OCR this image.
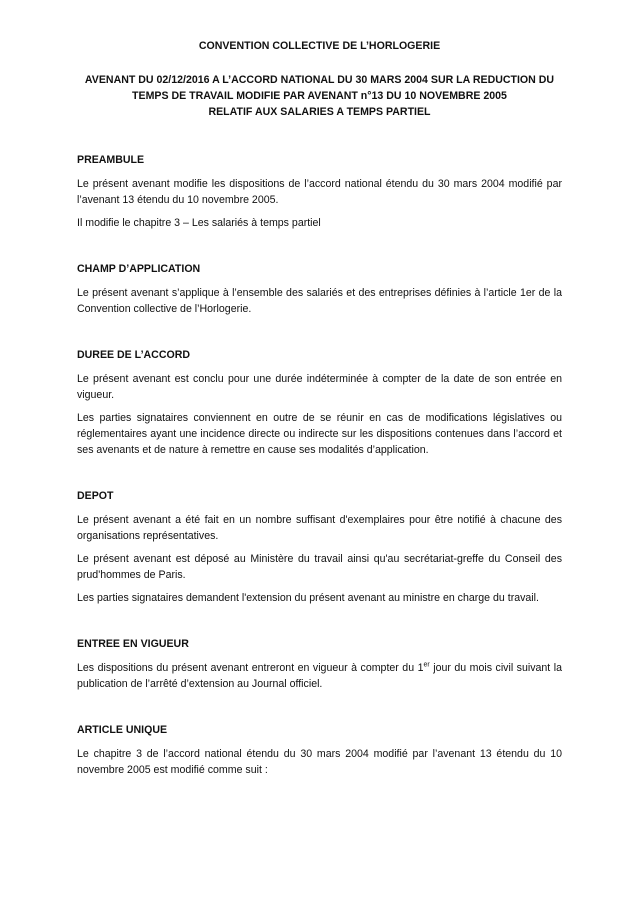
CONVENTION COLLECTIVE DE L’HORLOGERIE

AVENANT DU 02/12/2016 A L’ACCORD NATIONAL DU 30 MARS 2004 SUR LA REDUCTION DU

TEMPS DE TRAVAIL MODIFIE PAR AVENANT n°13 DU 10 NOVEMBRE 2005

RELATIF AUX SALARIES A TEMPS PARTIEL

PREAMBULE

Le présent avenant modifie les dispositions de l’accord national étendu du 30 mars 2004 modifié par l’avenant 13 étendu du 10 novembre 2005.

Il modifie le chapitre 3 – Les salariés à temps partiel

CHAMP D’APPLICATION

Le présent avenant s’applique à l’ensemble des salariés et des entreprises définies à l’article 1er de la Convention collective de l’Horlogerie.

DUREE DE L’ACCORD

Le présent avenant est conclu pour une durée indéterminée à compter de la date de son entrée en vigueur.

Les parties signataires conviennent en outre de se réunir en cas de modifications législatives ou réglementaires ayant une incidence directe ou indirecte sur les dispositions contenues dans l’accord et ses avenants et de nature à remettre en cause ses modalités d’application.

DEPOT

Le présent avenant a été fait en un nombre suffisant d'exemplaires pour être notifié à chacune des organisations représentatives.

Le présent avenant est déposé au Ministère du travail ainsi qu'au secrétariat-greffe du Conseil des prud'hommes de Paris.

Les parties signataires demandent l'extension du présent avenant au ministre en charge du travail.

ENTREE EN VIGUEUR

Les dispositions du présent avenant entreront en vigueur à compter du 1er jour du mois civil suivant la publication de l’arrêté d’extension au Journal officiel.

ARTICLE UNIQUE

Le chapitre 3 de l’accord national étendu du 30 mars 2004 modifié par l’avenant 13 étendu du 10 novembre 2005 est modifié comme suit :
